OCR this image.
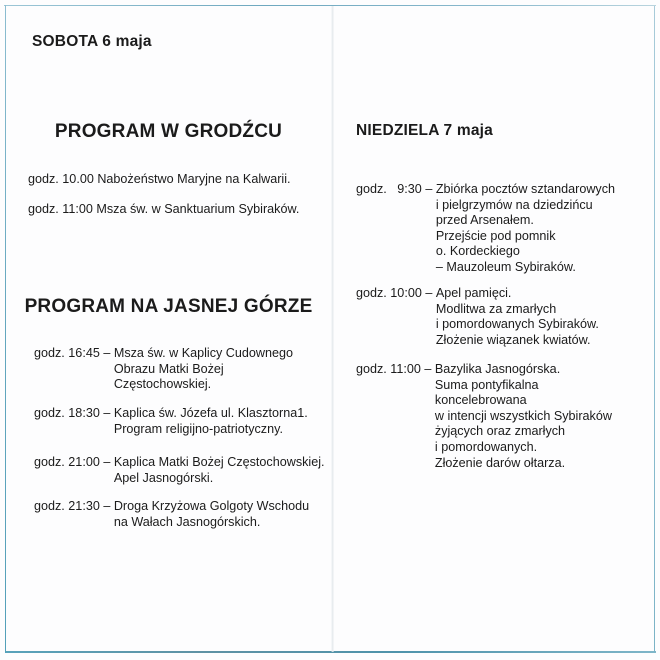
SOBOTA 6 maja
PROGRAM W GRODŹCU
godz. 10.00 Nabożeństwo Maryjne na Kalwarii.
godz. 11:00 Msza św. w Sanktuarium Sybiraków.
PROGRAM NA JASNEJ GÓRZE
godz. 16:45 – Msza św. w Kaplicy Cudownego
Obrazu Matki Bożej
Częstochowskiej.
godz. 18:30 – Kaplica św. Józefa ul. Klasztorna1.
Program religijno-patriotyczny.
godz. 21:00 – Kaplica Matki Bożej Częstochowskiej.
Apel Jasnogórski.
godz. 21:30 – Droga Krzyżowa Golgoty Wschodu
na Wałach Jasnogórskich.
NIEDZIELA 7 maja
godz.   9:30 – Zbiórka pocztów sztandarowych
i pielgrzymów na dziedzińcu
przed Arsenałem.
Przejście pod pomnik
o. Kordeckiego
– Mauzoleum Sybiraków.
godz. 10:00 – Apel pamięci.
Modlitwa za zmarłych
i pomordowanych Sybiraków.
Złożenie wiązanek kwiatów.
godz. 11:00 – Bazylika Jasnogórska.
Suma pontyfikalna
koncelebrowana
w intencji wszystkich Sybiraków
żyjących oraz zmarłych
i pomordowanych.
Złożenie darów ołtarza.
